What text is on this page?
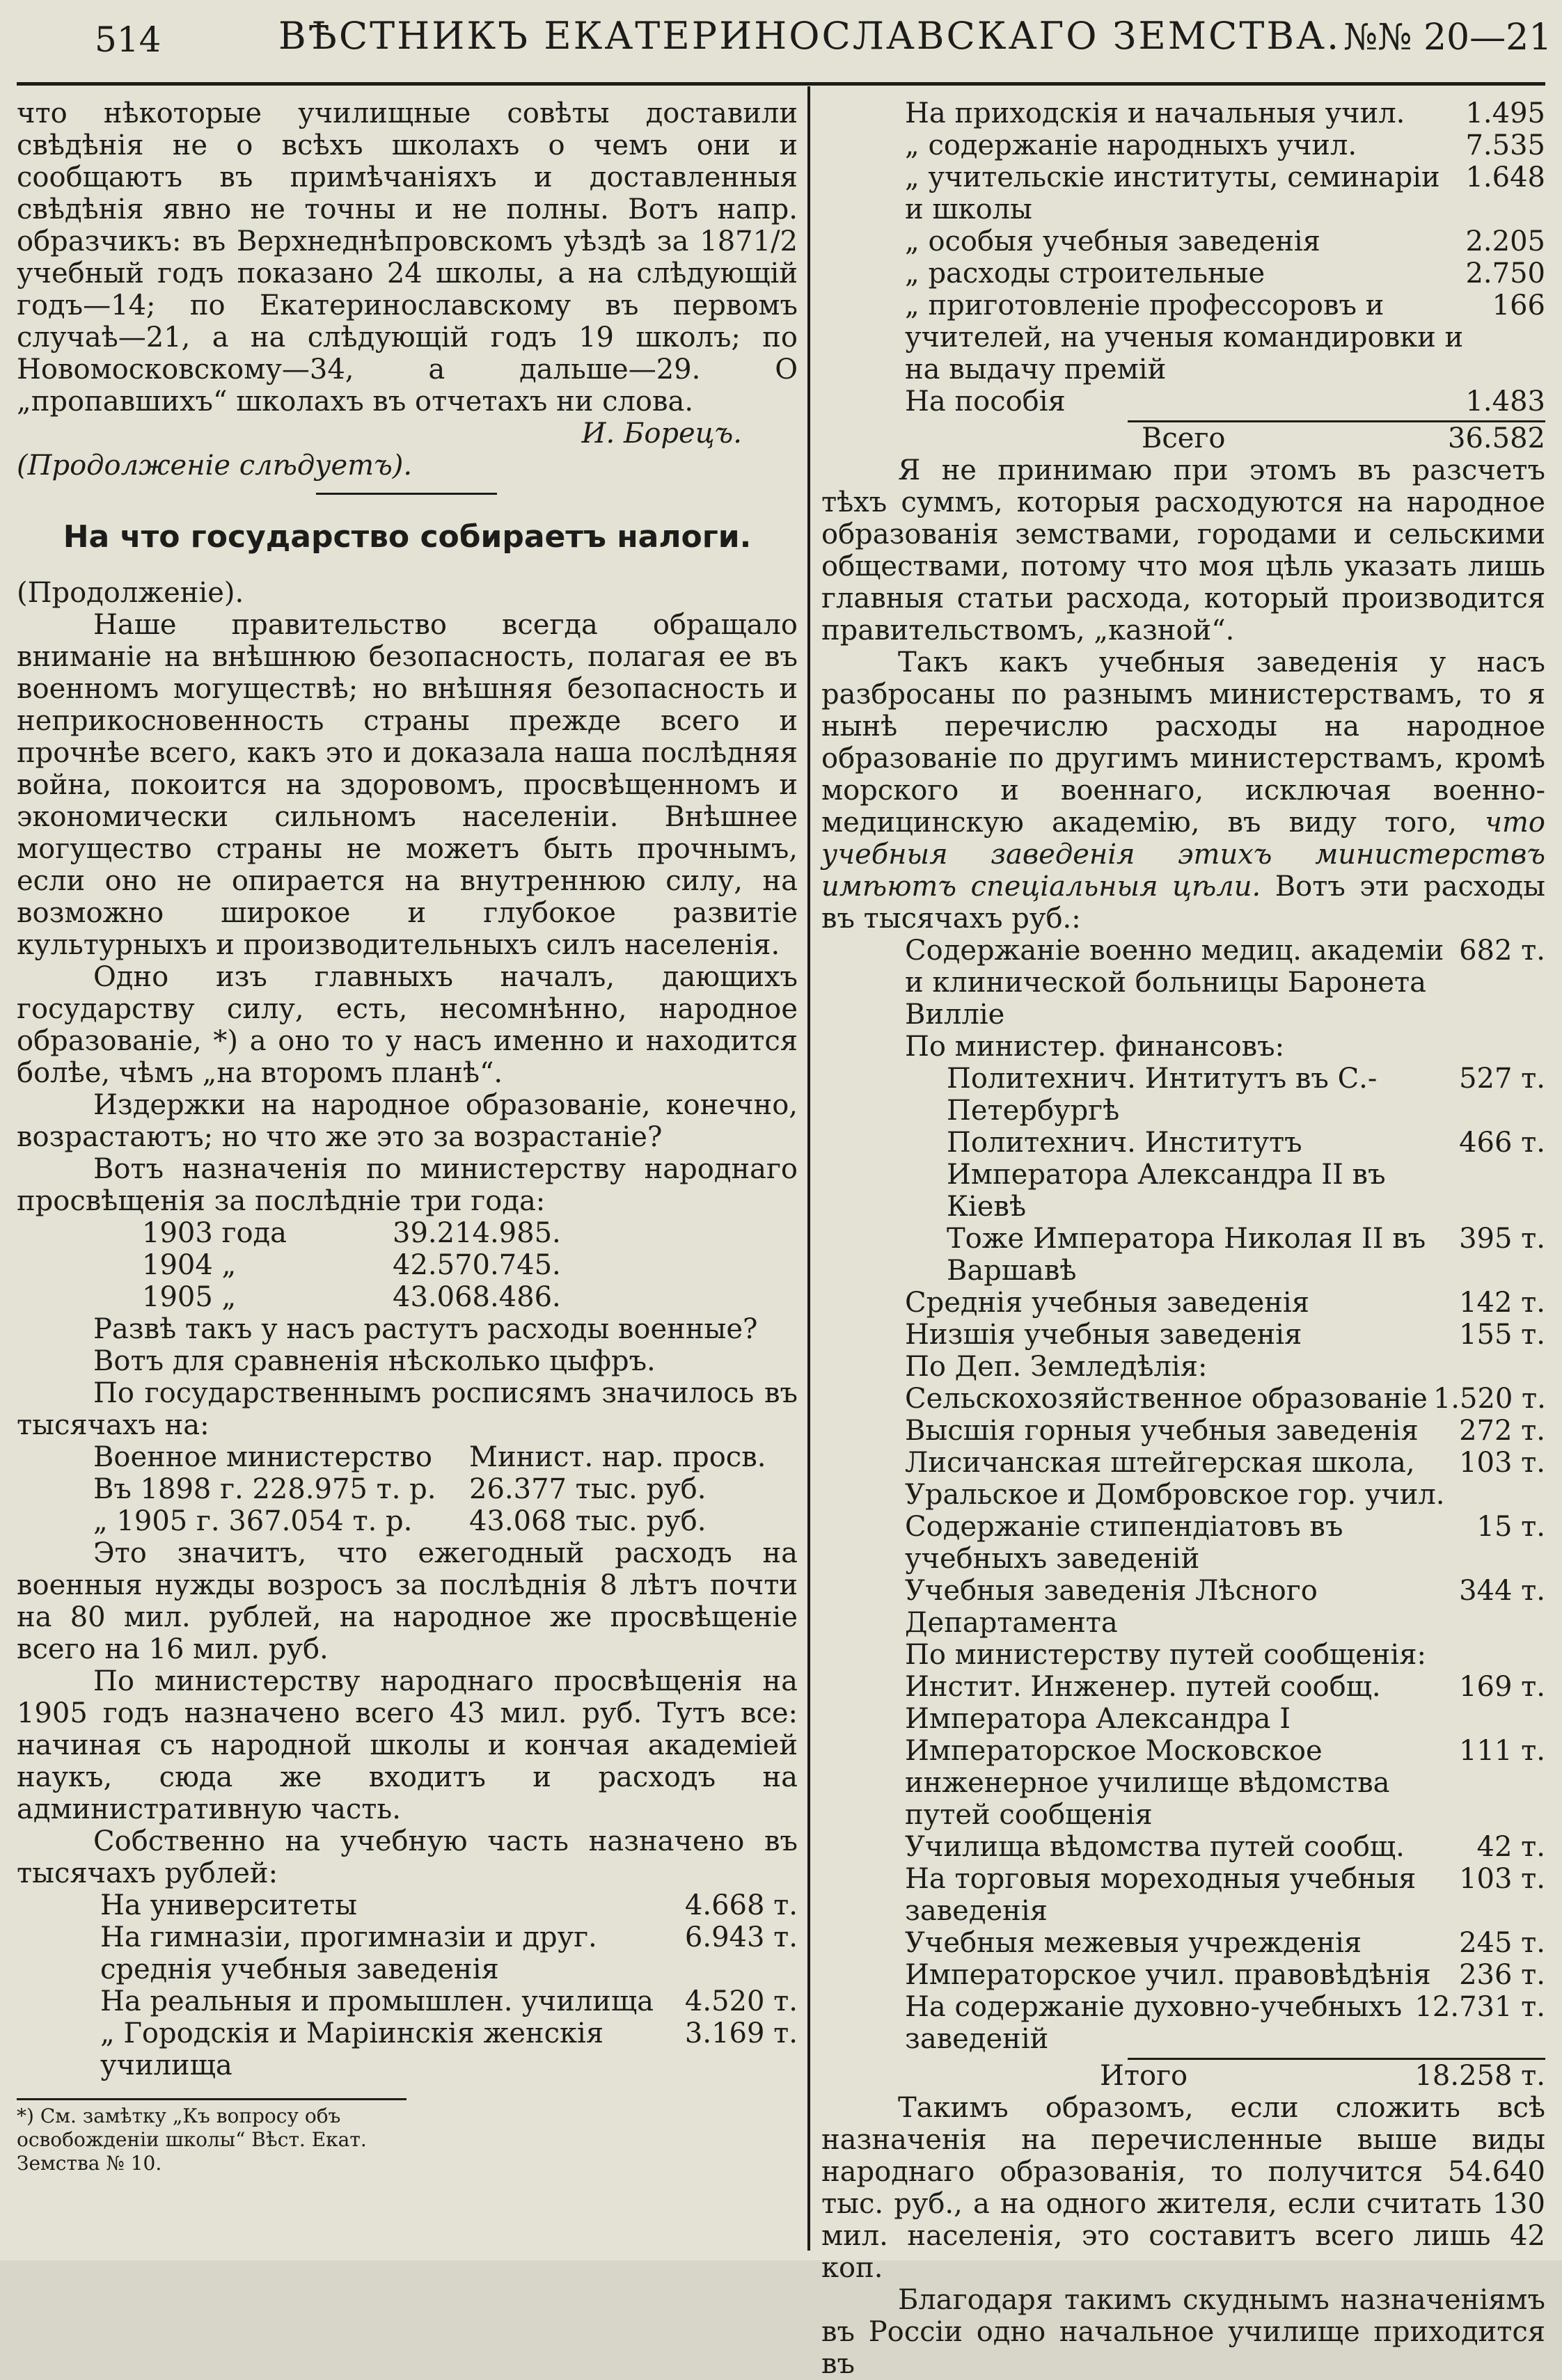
514	ВѢСТНИКЪ ЕКАТЕРИНОСЛАВСКАГО ЗЕМСТВА. №№ 20—21

что нѣкоторые училищные совѣты доставили свѣдѣнія не о всѣхъ школахъ о чемъ они и сообщаютъ въ примѣчаніяхъ и доставленныя свѣдѣнія явно не точны и не полны. Вотъ напр. образчикъ: въ Верхнеднѣпровскомъ уѣздѣ за 1871/2 учебный годъ показано 24 школы, а на слѣдующій годъ—14; по Екатеринославскому въ первомъ случаѣ—21, а на слѣдующій годъ 19 школъ; по Новомосковскому—34, а дальше—29. О „пропавшихъ“ школахъ въ отчетахъ ни слова.

И. Борецъ.

(Продолженіе слѣдуетъ).

На что государство собираетъ налоги.

(Продолженіе).

Наше правительство всегда обращало вниманіе на внѣшнюю безопасность, полагая ее въ военномъ могуществѣ; но внѣшняя безопасность и неприкосновенность страны прежде всего и прочнѣе всего, какъ это и доказала наша послѣдняя война, покоится на здоровомъ, просвѣщенномъ и экономически сильномъ населеніи. Внѣшнее могущество страны не можетъ быть прочнымъ, если оно не опирается на внутреннюю силу, на возможно широкое и глубокое развитіе культурныхъ и производительныхъ силъ населенія.

Одно изъ главныхъ началъ, дающихъ государству силу, есть, несомнѣнно, народное образованіе, *) а оно то у насъ именно и находится болѣе, чѣмъ „на второмъ планѣ“.

Издержки на народное образованіе, конечно, возрастаютъ; но что же это за возрастаніе?

Вотъ назначенія по министерству народнаго просвѣщенія за послѣдніе три года:

1903 года	39.214.985.
1904 „	42.570.745.
1905 „	43.068.486.

Развѣ такъ у насъ растутъ расходы военные?

Вотъ для сравненія нѣсколько цыфръ.

По государственнымъ росписямъ значилось въ тысячахъ на:

Военное министерство	Минист. нар. просв.
Въ 1898 г. 228.975 т. р.	26.377 тыс. руб.
„ 1905 г. 367.054 т. р.	43.068 тыс. руб.

Это значитъ, что ежегодный расходъ на военныя нужды возросъ за послѣднія 8 лѣтъ почти на 80 мил. рублей, на народное же просвѣщеніе всего на 16 мил. руб.

По министерству народнаго просвѣщенія на 1905 годъ назначено всего 43 мил. руб. Тутъ все: начиная съ народной школы и кончая академiей наукъ, сюда же входитъ и расходъ на административную часть.

Собственно на учебную часть назначено въ тысячахъ рублей:

На университеты	4.668 т.
На гимназіи, прогимназіи и друг. среднія учебныя заведенія
6.943 т.
На реальныя и промышлен. училища	4.520 т.
„ Городскія и Маріинскія женскія училища
3.169 т.

*) См. замѣтку „Къ вопросу объ освобожденіи школы“ Вѣст. Екат. Земства № 10.

На приходскія и начальныя учил.	1.495
„ содержаніе народныхъ учил.	7.535
„ учительскіе институты, семинаріи и школы
1.648
„ особыя учебныя заведенія	2.205
„ расходы строительные	2.750
„ приготовленіе профессоровъ и учителей, на ученыя командировки и на выдачу премій
166
На пособія	1.483
Всего	36.582

Я не принимаю при этомъ въ разсчетъ тѣхъ суммъ, которыя расходуются на народное образованія земствами, городами и сельскими обществами, потому что моя цѣль указать лишь главныя статьи расхода, который производится правительствомъ, „казной“.

Такъ какъ учебныя заведенія у насъ разбросаны по разнымъ министерствамъ, то я нынѣ перечислю расходы на народное образованіе по другимъ министерствамъ, кромѣ морского и военнаго, исключая военно-медицинскую академію, въ виду того, что учебныя заведенія этихъ министерствъ имѣютъ спеціальныя цѣли. Вотъ эти расходы въ тысячахъ руб.:

Содержаніе военно медиц. академіи и клинической больницы Баронета Виллiе
682 т.
По министер. финансовъ:
Политехнич. Интитутъ въ С.-Петербургѣ
527 т.
Политехнич. Институтъ Императора Александра II въ Кіевѣ
466 т.
Тоже Императора Николая II въ Варшавѣ
395 т.
Среднія учебныя заведенія	142 т.
Низшія учебныя заведенія	155 т.
По Деп. Земледѣлія:
Сельскохозяйственное образованіе 1.520 т.
Высшія горныя учебныя заведенія	272 т.
Лисичанская штейгерская школа, Уральское и Домбровское гор. учил.
103 т.
Содержаніе стипендіатовъ въ учебныхъ заведеній
15 т.
Учебныя заведенія Лѣсного Департамента
344 т.
По министерству путей сообщенія:
Инстит. Инженер. путей сообщ. Императора Александра I
169 т.
Императорское Московское инженерное училище вѣдомства путей сообщенія
111 т.
Училища вѣдомства путей сообщ.	42 т.
На торговыя мореходныя учебныя заведенія
103 т.
Учебныя межевыя учрежденія	245 т.
Императорское учил. правовѣдѣнія	236 т.
На содержаніе духовно-учебныхъ заведеній
12.731 т.
Итого	18.258 т.

Такимъ образомъ, если сложить всѣ назначенія на перечисленные выше виды народнаго образованія, то получится 54.640 тыс. руб., а на одного жителя, если считать 130 мил. населенія, это составитъ всего лишь 42 коп.

Благодаря такимъ скуднымъ назначеніямъ въ Россіи одно начальное училище приходится въ
